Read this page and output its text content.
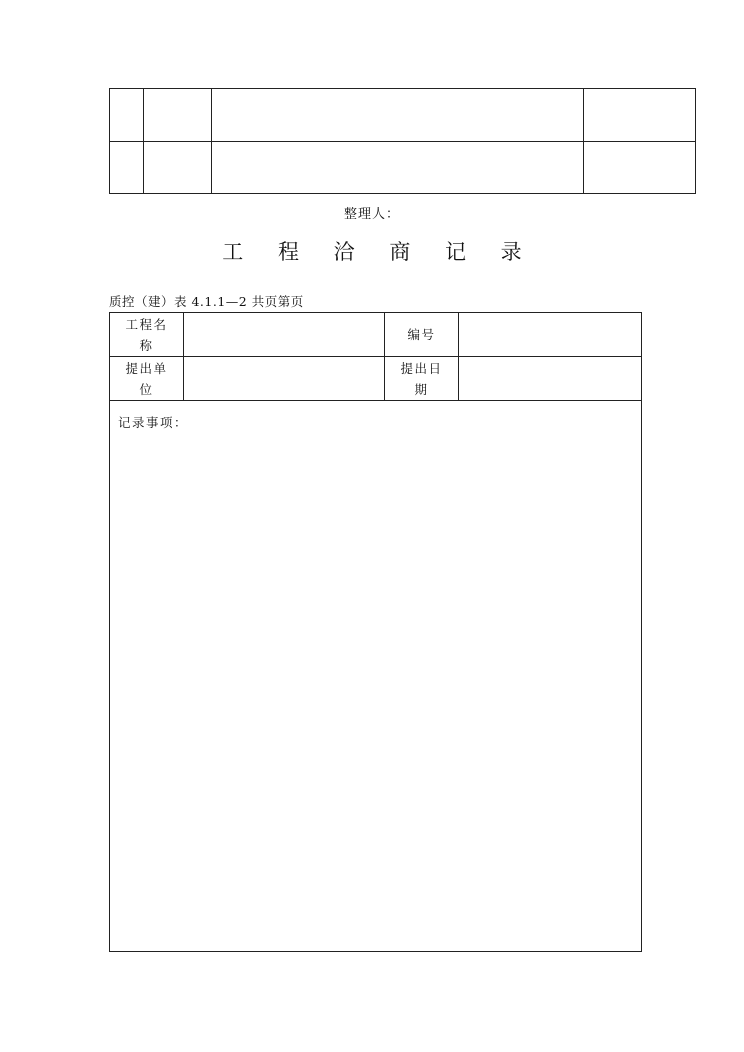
整理人：
工 程 洽 商 记 录
质控（建）表 4.1.1—2 共页第页
工程名称		编号	

提出单位		提出日期	

记录事项：			
